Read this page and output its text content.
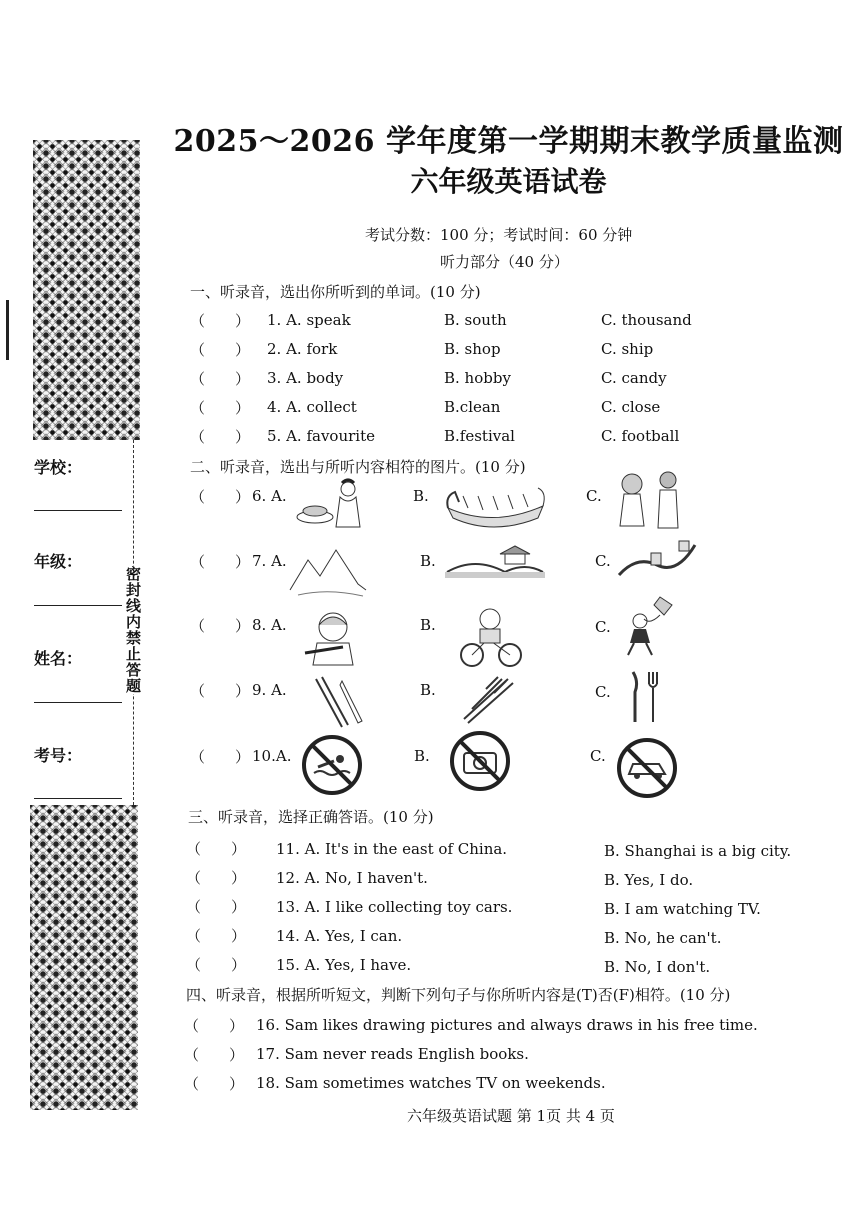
学校：
年级：
姓名：
考号：
密封线内禁止答题
2025～2026 学年度第一学期期末教学质量监测
六年级英语试卷
考试分数：100 分；考试时间：60 分钟
听力部分（40 分）
一、听录音，选出你所听到的单词。(10 分)
（　　） 1. A. speak	B. south	C. thousand
（　　） 2. A. fork	B. shop	C. ship
（　　） 3. A. body	B. hobby	C. candy
（　　） 4. A. collect	B.clean	C. close
（　　） 5. A. favourite	B.festival	C. football
二、听录音，选出与所听内容相符的图片。(10 分)
（　　） 6. A.	B.	C.
（　　） 7. A.	B.	C.
（　　） 8. A.	B.	C.
（　　） 9. A.	B.	C.
（　　） 10.A.	B.	C.
三、听录音，选择正确答语。(10 分)
（　　） 11. A. It's in the east of China.	B. Shanghai is a big city.
（　　） 12. A. No, I haven't.	B. Yes, I do.
（　　） 13. A. I like collecting toy cars.	B. I am watching TV.
（　　） 14. A. Yes, I can.	B. No, he can't.
（　　） 15. A. Yes, I have.	B. No, I don't.
四、听录音，根据所听短文，判断下列句子与你所听内容是(T)否(F)相符。(10 分)
（　　） 16. Sam likes drawing pictures and always draws in his free time.
（　　） 17. Sam never reads English books.
（　　） 18. Sam sometimes watches TV on weekends.
六年级英语试题 第 1页 共 4 页
